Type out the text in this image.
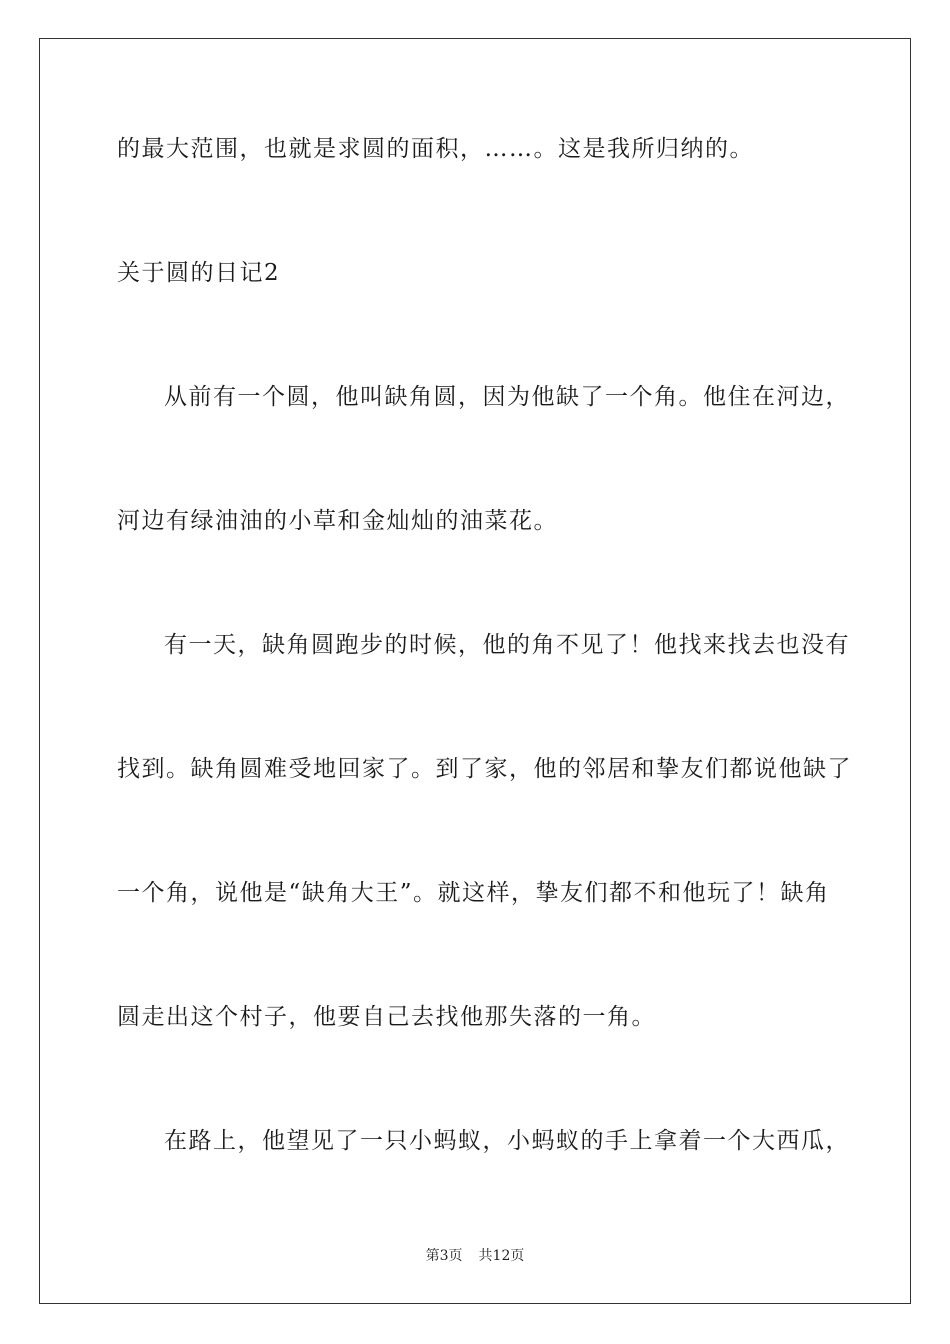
的最大范围，也就是求圆的面积，……。这是我所归纳的。
关于圆的日记2
从前有一个圆，他叫缺角圆，因为他缺了一个角。他住在河边，
河边有绿油油的小草和金灿灿的油菜花。
有一天，缺角圆跑步的时候，他的角不见了！他找来找去也没有
找到。缺角圆难受地回家了。到了家，他的邻居和挚友们都说他缺了
一个角，说他是“缺角大王”。就这样，挚友们都不和他玩了！缺角
圆走出这个村子，他要自己去找他那失落的一角。
在路上，他望见了一只小蚂蚁，小蚂蚁的手上拿着一个大西瓜，
第3页 共12页
